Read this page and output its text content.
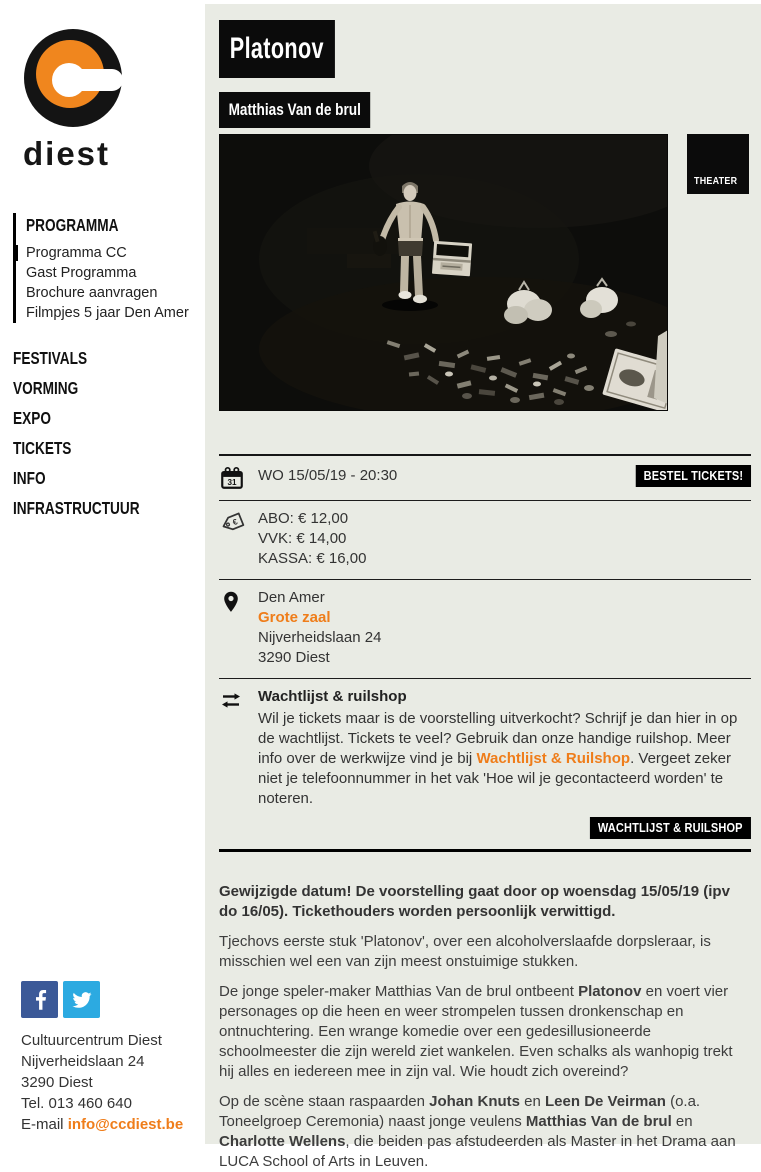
Platonov
Matthias Van de brul
THEATER
31 WO 15/05/19 - 20:30	BESTEL TICKETS!
€ ABO: € 12,00
VVK: € 14,00
KASSA: € 16,00
Den Amer
Grote zaal
Nijverheidslaan 24
3290 Diest

Wachtlijst & ruilshop

Wil je tickets maar is de voorstelling uitverkocht? Schrijf je dan hier in op de wachtlijst. Tickets te veel? Gebruik dan onze handige ruilshop. Meer info over de werkwijze vind je bij Wachtlijst & Ruilshop. Vergeet zeker niet je telefoonnummer in het vak 'Hoe wil je gecontacteerd worden' te noteren.

WACHTLIJST & RUILSHOP

Gewijzigde datum! De voorstelling gaat door op woensdag 15/05/19 (ipv do 16/05). Tickethouders worden persoonlijk verwittigd.

Tjechovs eerste stuk 'Platonov', over een alcoholverslaafde dorpsleraar, is misschien wel een van zijn meest onstuimige stukken.

De jonge speler-maker Matthias Van de brul ontbeent Platonov en voert vier personages op die heen en weer strompelen tussen dronkenschap en ontnuchtering. Een wrange komedie over een gedesillusioneerde schoolmeester die zijn wereld ziet wankelen. Even schalks als wanhopig trekt hij alles en iedereen mee in zijn val. Wie houdt zich overeind?

Op de scène staan raspaarden Johan Knuts en Leen De Veirman (o.a. Toneelgroep Ceremonia) naast jonge veulens Matthias Van de brul en Charlotte Wellens, die beiden pas afstudeerden als Master in het Drama aan LUCA School of Arts in Leuven.

diest
PROGRAMMA
Programma CC
Gast Programma
Brochure aanvragen
Filmpjes 5 jaar Den Amer
FESTIVALS
VORMING
EXPO
TICKETS
INFO
INFRASTRUCTUUR
Cultuurcentrum Diest
Nijverheidslaan 24
3290 Diest
Tel. 013 460 640
E-mail info@ccdiest.be
